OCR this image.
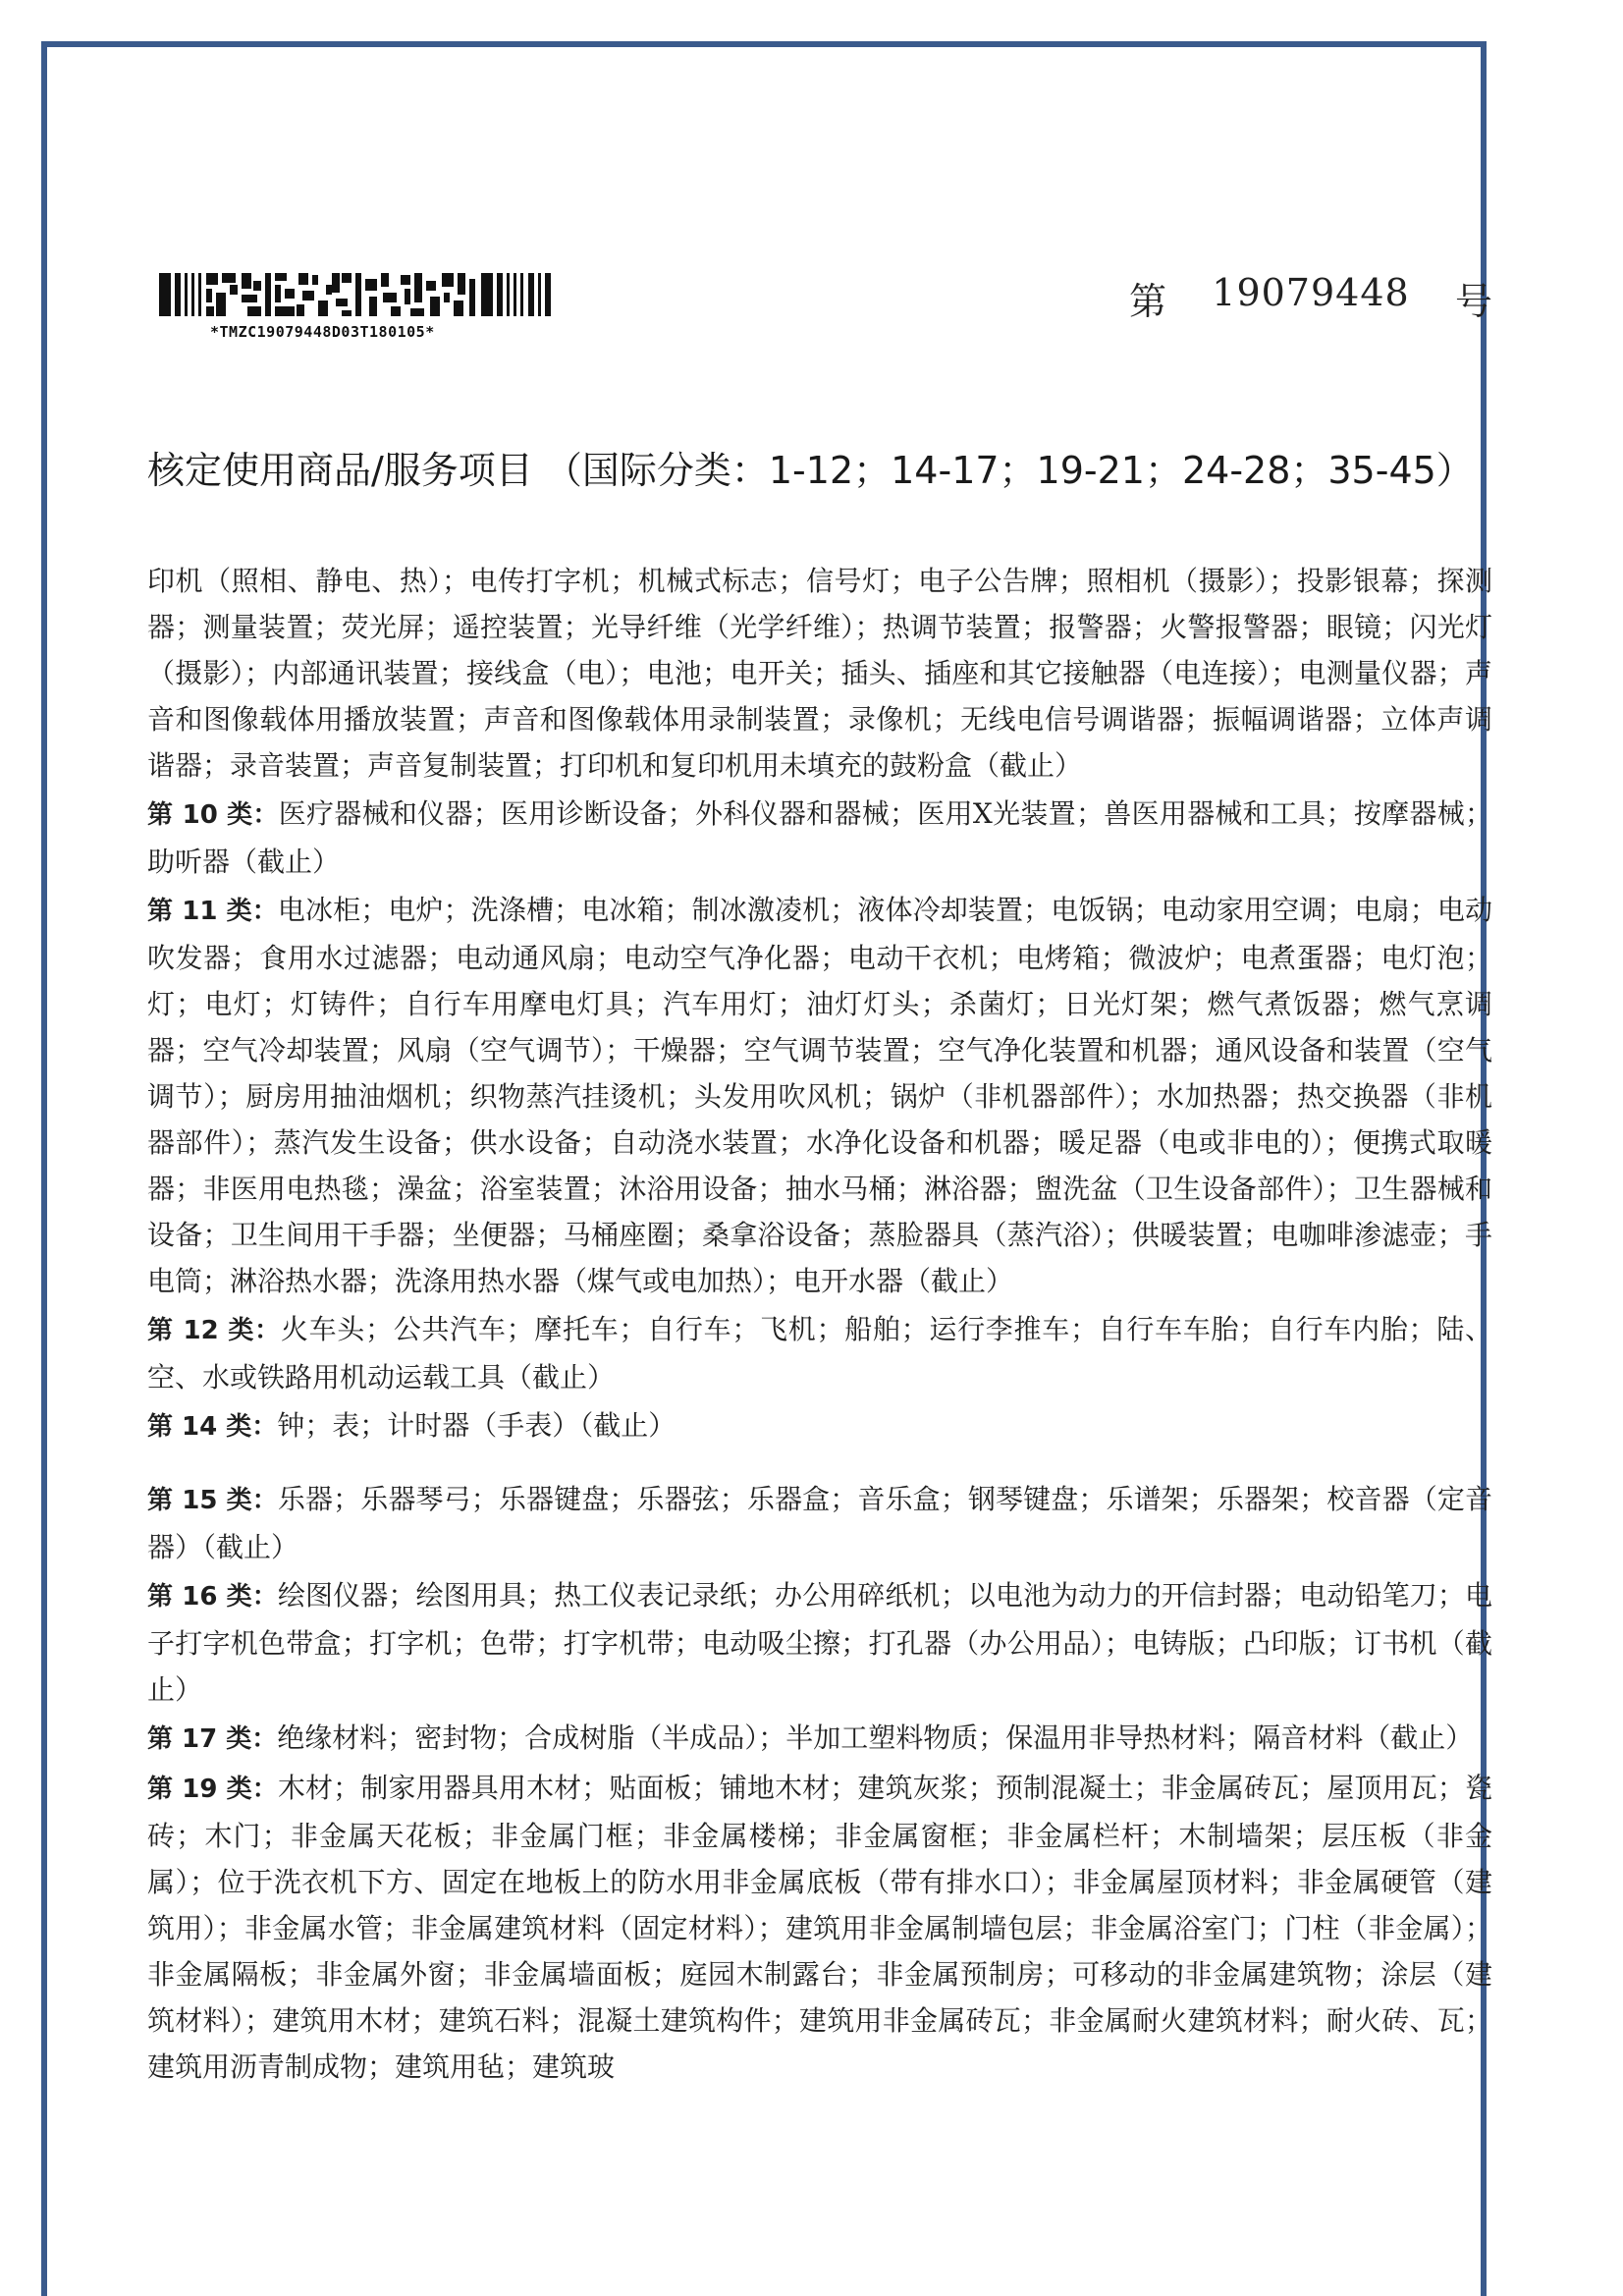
*TMZC19079448D03T180105*
第 19079448 号
核定使用商品/服务项目 （国际分类：1-12；14-17；19-21；24-28；35-45）

印机（照相、静电、热）；电传打字机；机械式标志；信号灯；电子公告牌；照相机（摄影）；投影银幕；探测器；测量装置；荧光屏；遥控装置；光导纤维（光学纤维）；热调节装置；报警器；火警报警器；眼镜；闪光灯（摄影）；内部通讯装置；接线盒（电）；电池；电开关；插头、插座和其它接触器（电连接）；电测量仪器；声音和图像载体用播放装置；声音和图像载体用录制装置；录像机；无线电信号调谐器；振幅调谐器；立体声调谐器；录音装置；声音复制装置；打印机和复印机用未填充的鼓粉盒（截止）

第 10 类：医疗器械和仪器；医用诊断设备；外科仪器和器械；医用X光装置；兽医用器械和工具；按摩器械；助听器（截止）

第 11 类：电冰柜；电炉；洗涤槽；电冰箱；制冰激凌机；液体冷却装置；电饭锅；电动家用空调；电扇；电动吹发器；食用水过滤器；电动通风扇；电动空气净化器；电动干衣机；电烤箱；微波炉；电煮蛋器；电灯泡；灯；电灯；灯铸件；自行车用摩电灯具；汽车用灯；油灯灯头；杀菌灯；日光灯架；燃气煮饭器；燃气烹调器；空气冷却装置；风扇（空气调节）；干燥器；空气调节装置；空气净化装置和机器；通风设备和装置（空气调节）；厨房用抽油烟机；织物蒸汽挂烫机；头发用吹风机；锅炉（非机器部件）；水加热器；热交换器（非机器部件）；蒸汽发生设备；供水设备；自动浇水装置；水净化设备和机器；暖足器（电或非电的）；便携式取暖器；非医用电热毯；澡盆；浴室装置；沐浴用设备；抽水马桶；淋浴器；盥洗盆（卫生设备部件）；卫生器械和设备；卫生间用干手器；坐便器；马桶座圈；桑拿浴设备；蒸脸器具（蒸汽浴）；供暖装置；电咖啡渗滤壶；手电筒；淋浴热水器；洗涤用热水器（煤气或电加热）；电开水器（截止）

第 12 类：火车头；公共汽车；摩托车；自行车；飞机；船舶；运行李推车；自行车车胎；自行车内胎；陆、空、水或铁路用机动运载工具（截止）

第 14 类：钟；表；计时器（手表）（截止）

第 15 类：乐器；乐器琴弓；乐器键盘；乐器弦；乐器盒；音乐盒；钢琴键盘；乐谱架；乐器架；校音器（定音器）（截止）

第 16 类：绘图仪器；绘图用具；热工仪表记录纸；办公用碎纸机；以电池为动力的开信封器；电动铅笔刀；电子打字机色带盒；打字机；色带；打字机带；电动吸尘擦；打孔器（办公用品）；电铸版；凸印版；订书机（截止）

第 17 类：绝缘材料；密封物；合成树脂（半成品）；半加工塑料物质；保温用非导热材料；隔音材料（截止）

第 19 类：木材；制家用器具用木材；贴面板；铺地木材；建筑灰浆；预制混凝土；非金属砖瓦；屋顶用瓦；瓷砖；木门；非金属天花板；非金属门框；非金属楼梯；非金属窗框；非金属栏杆；木制墙架；层压板（非金属）；位于洗衣机下方、固定在地板上的防水用非金属底板（带有排水口）；非金属屋顶材料；非金属硬管（建筑用）；非金属水管；非金属建筑材料（固定材料）；建筑用非金属制墙包层；非金属浴室门；门柱（非金属）；非金属隔板；非金属外窗；非金属墙面板；庭园木制露台；非金属预制房；可移动的非金属建筑物；涂层（建筑材料）；建筑用木材；建筑石料；混凝土建筑构件；建筑用非金属砖瓦；非金属耐火建筑材料；耐火砖、瓦；建筑用沥青制成物；建筑用毡；建筑玻
